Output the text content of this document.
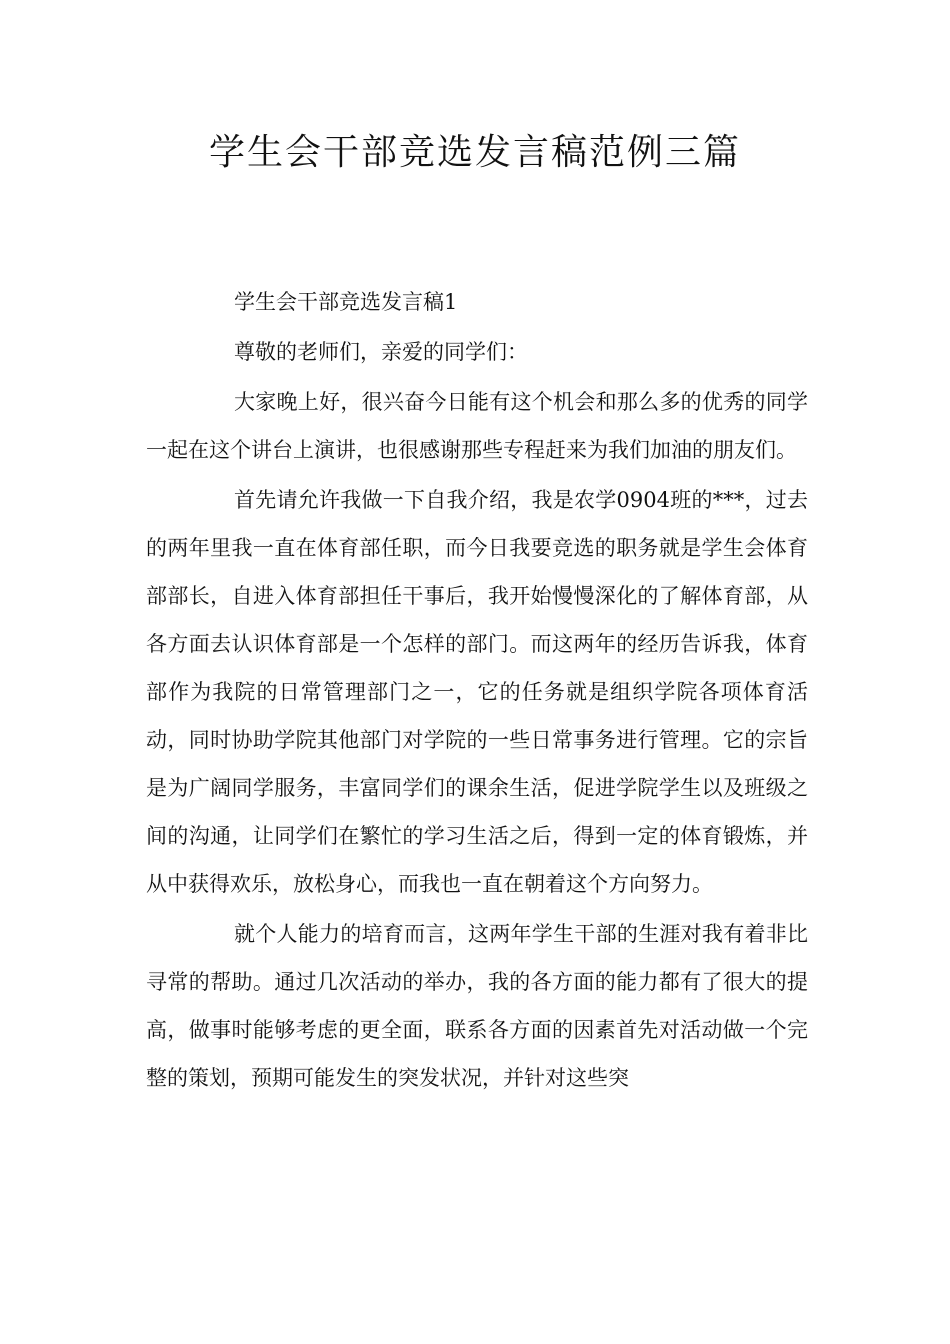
学生会干部竞选发言稿范例三篇

学生会干部竞选发言稿1

尊敬的老师们，亲爱的同学们：

大家晚上好，很兴奋今日能有这个机会和那么多的优秀的同学一起在这个讲台上演讲，也很感谢那些专程赶来为我们加油的朋友们。

首先请允许我做一下自我介绍，我是农学0904班的***，过去的两年里我一直在体育部任职，而今日我要竞选的职务就是学生会体育部部长，自进入体育部担任干事后，我开始慢慢深化的了解体育部，从各方面去认识体育部是一个怎样的部门。而这两年的经历告诉我，体育部作为我院的日常管理部门之一，它的任务就是组织学院各项体育活动，同时协助学院其他部门对学院的一些日常事务进行管理。它的宗旨是为广阔同学服务，丰富同学们的课余生活，促进学院学生以及班级之间的沟通，让同学们在繁忙的学习生活之后，得到一定的体育锻炼，并从中获得欢乐，放松身心，而我也一直在朝着这个方向努力。

就个人能力的培育而言，这两年学生干部的生涯对我有着非比寻常的帮助。通过几次活动的举办，我的各方面的能力都有了很大的提高，做事时能够考虑的更全面，联系各方面的因素首先对活动做一个完整的策划，预期可能发生的突发状况，并针对这些突
